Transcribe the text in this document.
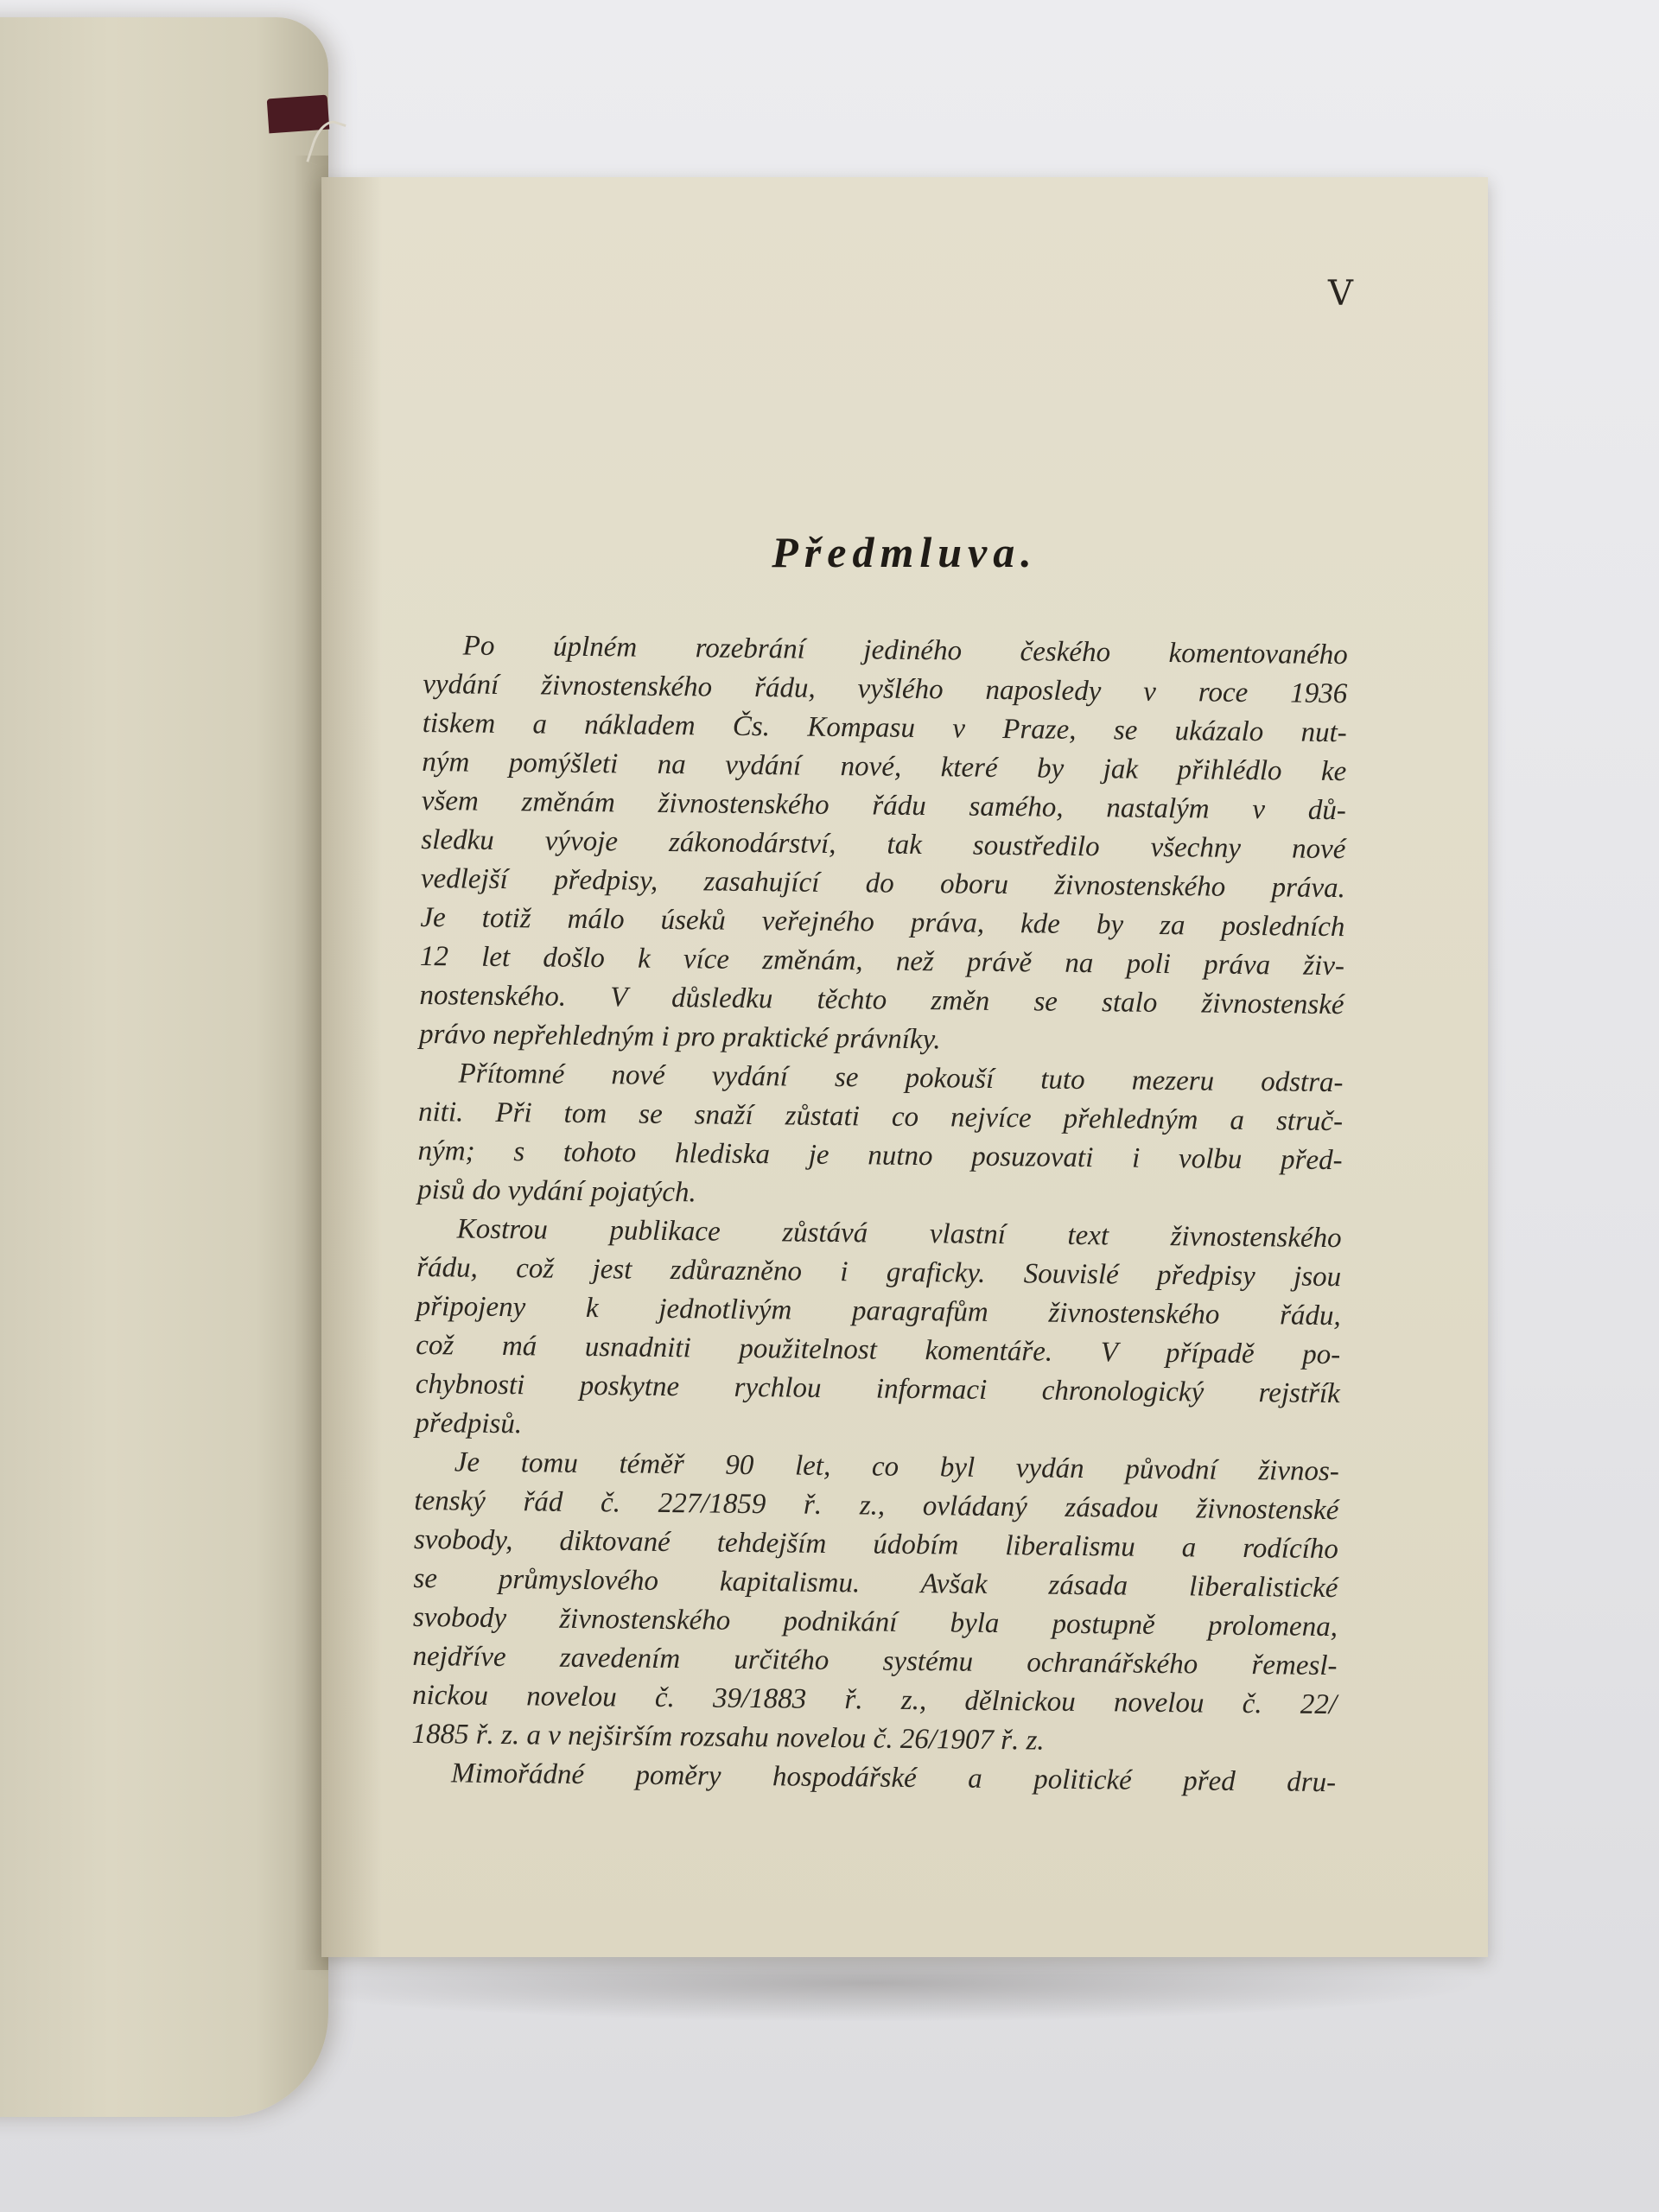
V
Předmluva.
Po úplném rozebrání jediného českého komentovaného
vydání živnostenského řádu, vyšlého naposledy v roce 1936
tiskem a nákladem Čs. Kompasu v Praze, se ukázalo nut-
ným pomýšleti na vydání nové, které by jak přihlédlo ke
všem změnám živnostenského řádu samého, nastalým v dů-
sledku vývoje zákonodárství, tak soustředilo všechny nové
vedlejší předpisy, zasahující do oboru živnostenského práva.
Je totiž málo úseků veřejného práva, kde by za posledních
12 let došlo k více změnám, než právě na poli práva živ-
nostenského. V důsledku těchto změn se stalo živnostenské
právo nepřehledným i pro praktické právníky.
Přítomné nové vydání se pokouší tuto mezeru odstra-
niti. Při tom se snaží zůstati co nejvíce přehledným a struč-
ným; s tohoto hlediska je nutno posuzovati i volbu před-
pisů do vydání pojatých.
Kostrou publikace zůstává vlastní text živnostenského
řádu, což jest zdůrazněno i graficky. Souvislé předpisy jsou
připojeny k jednotlivým paragrafům živnostenského řádu,
což má usnadniti použitelnost komentáře. V případě po-
chybnosti poskytne rychlou informaci chronologický rejstřík
předpisů.
Je tomu téměř 90 let, co byl vydán původní živnos-
tenský řád č. 227/1859 ř. z., ovládaný zásadou živnostenské
svobody, diktované tehdejším údobím liberalismu a rodícího
se průmyslového kapitalismu. Avšak zásada liberalistické
svobody živnostenského podnikání byla postupně prolomena,
nejdříve zavedením určitého systému ochranářského řemesl-
nickou novelou č. 39/1883 ř. z., dělnickou novelou č. 22/
1885 ř. z. a v nejširším rozsahu novelou č. 26/1907 ř. z.
Mimořádné poměry hospodářské a politické před dru-
